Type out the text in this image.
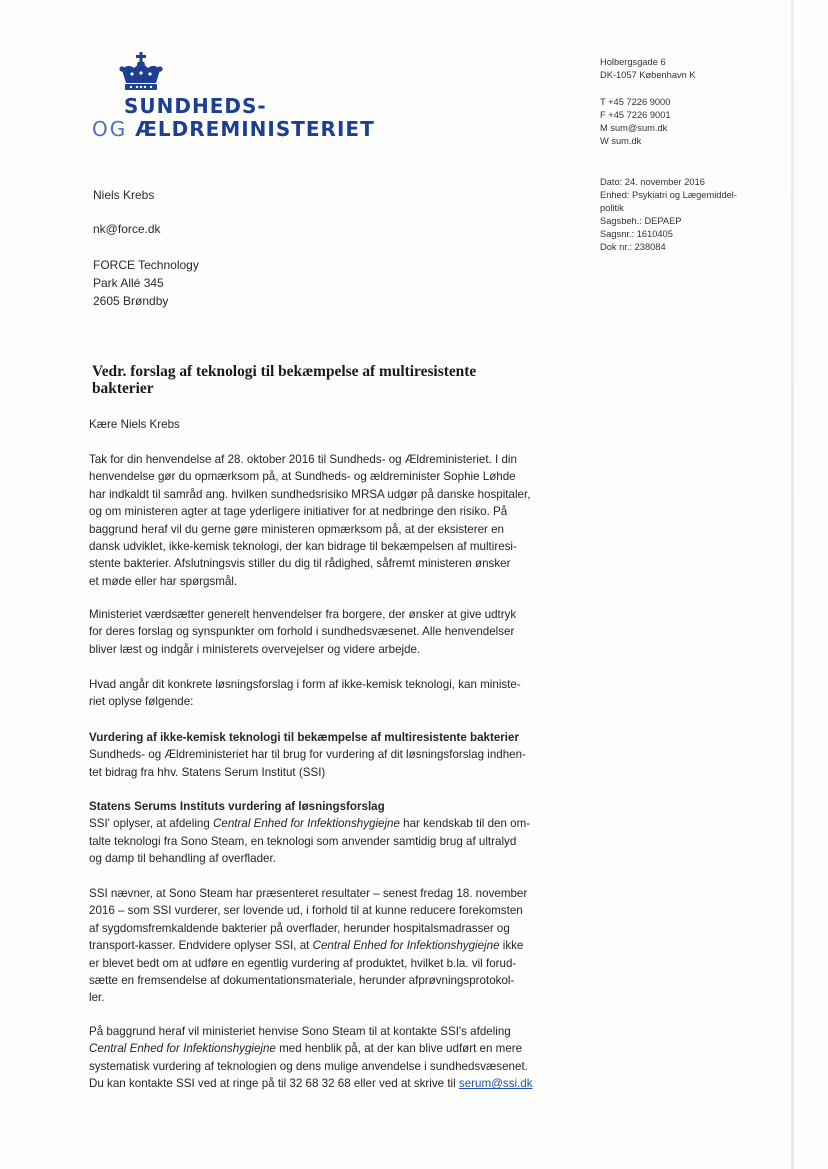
SUNDHEDS-
OG ÆLDREMINISTERIET
Holbergsgade 6
DK-1057 København K
T +45 7226 9000
F +45 7226 9001
M sum@sum.dk
W sum.dk
Dato: 24. november 2016
Enhed: Psykiatri og Lægemiddel-
politik
Sagsbeh.: DEPAEP
Sagsnr.: 1610405
Dok nr.: 238084
Niels Krebs
nk@force.dk
FORCE Technology
Park Allé 345
2605 Brøndby
Vedr. forslag af teknologi til bekæmpelse af multiresistente
bakterier

Kære Niels Krebs

Tak for din henvendelse af 28. oktober 2016 til Sundheds- og Ældreministeriet. I din

henvendelse gør du opmærksom på, at Sundheds- og ældreminister Sophie Løhde

har indkaldt til samråd ang. hvilken sundhedsrisiko MRSA udgør på danske hospitaler,

og om ministeren agter at tage yderligere initiativer for at nedbringe den risiko. På

baggrund heraf vil du gerne gøre ministeren opmærksom på, at der eksisterer en

dansk udviklet, ikke-kemisk teknologi, der kan bidrage til bekæmpelsen af multiresi-

stente bakterier. Afslutningsvis stiller du dig til rådighed, såfremt ministeren ønsker

et møde eller har spørgsmål.

Ministeriet værdsætter generelt henvendelser fra borgere, der ønsker at give udtryk

for deres forslag og synspunkter om forhold i sundhedsvæsenet. Alle henvendelser

bliver læst og indgår i ministerets overvejelser og videre arbejde.

Hvad angår dit konkrete løsningsforslag i form af ikke-kemisk teknologi, kan ministe-

riet oplyse følgende:

Vurdering af ikke-kemisk teknologi til bekæmpelse af multiresistente bakterier

Sundheds- og Ældreministeriet har til brug for vurdering af dit løsningsforslag indhen-

tet bidrag fra hhv. Statens Serum Institut (SSI)

Statens Serums Instituts vurdering af løsningsforslag

SSI' oplyser, at afdeling Central Enhed for Infektionshygiejne har kendskab til den om-

talte teknologi fra Sono Steam, en teknologi som anvender samtidig brug af ultralyd

og damp til behandling af overflader.

SSI nævner, at Sono Steam har præsenteret resultater – senest fredag 18. november

2016 – som SSI vurderer, ser lovende ud, i forhold til at kunne reducere forekomsten

af sygdomsfremkaldende bakterier på overflader, herunder hospitalsmadrasser og

transport-kasser. Endvidere oplyser SSI, at Central Enhed for Infektionshygiejne ikke

er blevet bedt om at udføre en egentlig vurdering af produktet, hvilket b.la. vil forud-

sætte en fremsendelse af dokumentationsmateriale, herunder afprøvningsprotokol-

ler.

På baggrund heraf vil ministeriet henvise Sono Steam til at kontakte SSI's afdeling

Central Enhed for Infektionshygiejne med henblik på, at der kan blive udført en mere

systematisk vurdering af teknologien og dens mulige anvendelse i sundhedsvæsenet.

Du kan kontakte SSI ved at ringe på til 32 68 32 68 eller ved at skrive til serum@ssi.dk
